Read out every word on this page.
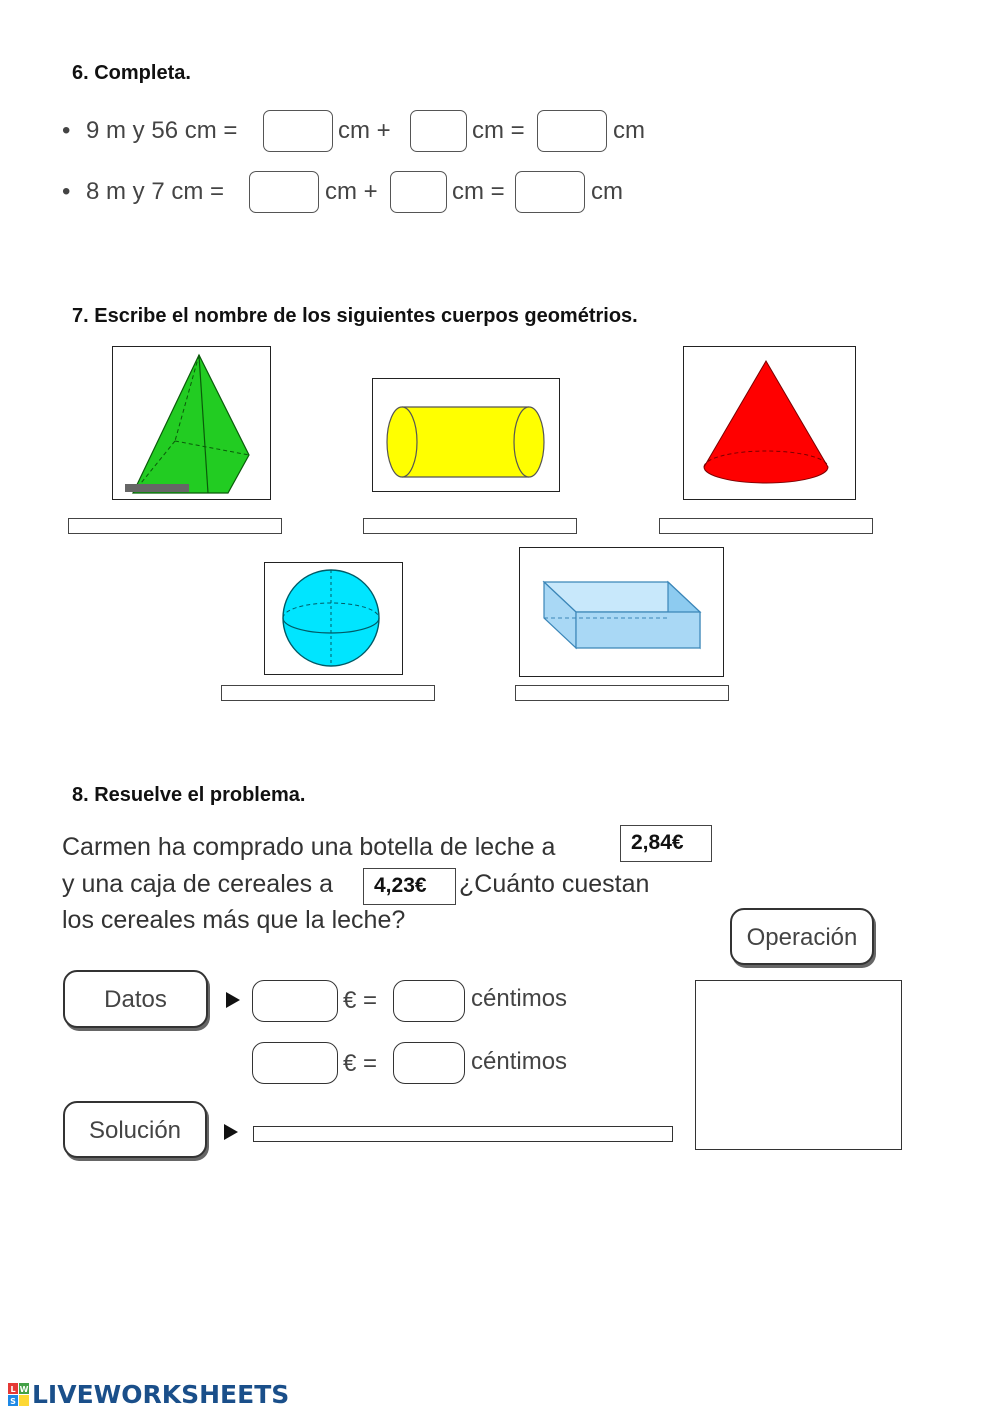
6. Completa.
• 9 m y 56 cm =	cm +	cm =	cm
• 8 m y 7 cm =	cm +	cm =	cm
7. Escribe el nombre de los siguientes cuerpos geométrios.
8. Resuelve el problema.
Carmen ha comprado una botella de leche a	2,84€
y una caja de cereales a	4,23€	¿Cuánto cuestan
los cereales más que la leche?
Operación
Datos	€ =	céntimos
€ =	céntimos
Solución
L W
S LIVEWORKSHEETS
